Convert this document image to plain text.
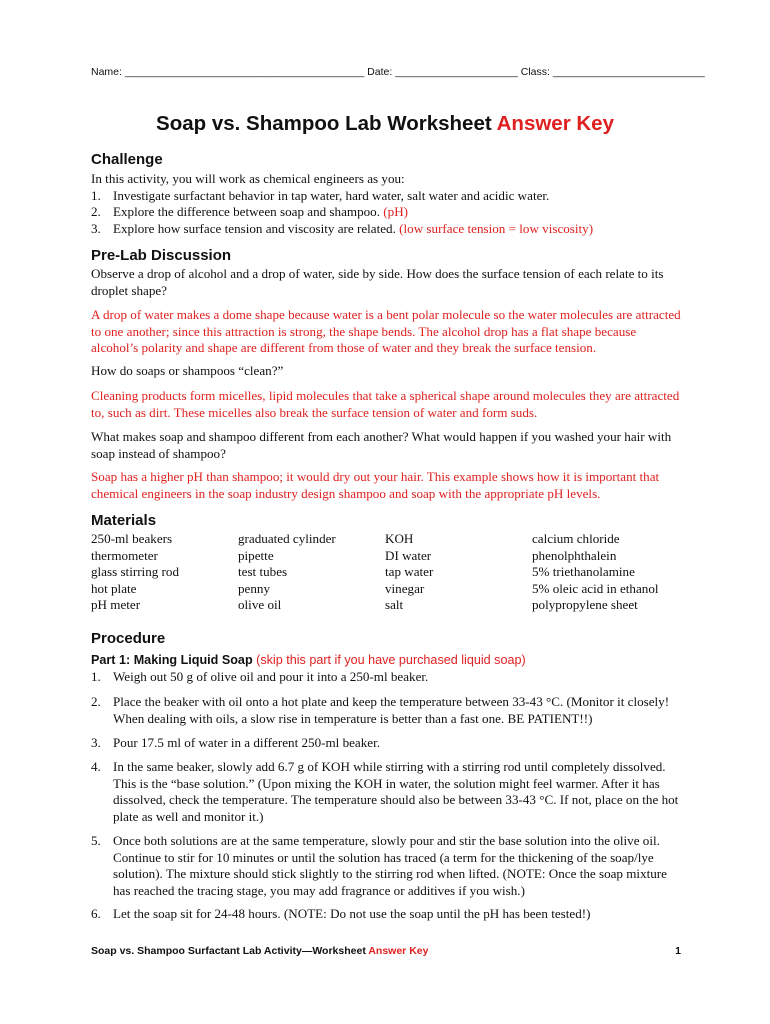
Name: _________________________________________ Date: _____________________ Class: __________________________
Soap vs. Shampoo Lab Worksheet Answer Key
Challenge

In this activity, you will work as chemical engineers as you:

1. Investigate surfactant behavior in tap water, hard water, salt water and acidic water.
2. Explore the difference between soap and shampoo. (pH)
3. Explore how surface tension and viscosity are related. (low surface tension = low viscosity)
Pre-Lab Discussion
Observe a drop of alcohol and a drop of water, side by side. How does the surface tension of each relate to its droplet shape?
A drop of water makes a dome shape because water is a bent polar molecule so the water molecules are attracted to one another; since this attraction is strong, the shape bends. The alcohol drop has a flat shape because alcohol’s polarity and shape are different from those of water and they break the surface tension.
How do soaps or shampoos “clean?”
Cleaning products form micelles, lipid molecules that take a spherical shape around molecules they are attracted to, such as dirt. These micelles also break the surface tension of water and form suds.
What makes soap and shampoo different from each another? What would happen if you washed your hair with soap instead of shampoo?
Soap has a higher pH than shampoo; it would dry out your hair. This example shows how it is important that chemical engineers in the soap industry design shampoo and soap with the appropriate pH levels.
Materials
250-ml beakers
thermometer
glass stirring rod
hot plate
pH meter
graduated cylinder
pipette
test tubes
penny
olive oil
KOH
DI water
tap water
vinegar
salt
calcium chloride
phenolphthalein
5% triethanolamine
5% oleic acid in ethanol
polypropylene sheet
Procedure
Part 1: Making Liquid Soap (skip this part if you have purchased liquid soap)
1. Weigh out 50 g of olive oil and pour it into a 250-ml beaker.
2. Place the beaker with oil onto a hot plate and keep the temperature between 33-43 °C. (Monitor it closely! When dealing with oils, a slow rise in temperature is better than a fast one. BE PATIENT!!)
3. Pour 17.5 ml of water in a different 250-ml beaker.
4. In the same beaker, slowly add 6.7 g of KOH while stirring with a stirring rod until completely dissolved. This is the “base solution.” (Upon mixing the KOH in water, the solution might feel warmer. After it has dissolved, check the temperature. The temperature should also be between 33-43 °C. If not, place on the hot plate as well and monitor it.)
5. Once both solutions are at the same temperature, slowly pour and stir the base solution into the olive oil. Continue to stir for 10 minutes or until the solution has traced (a term for the thickening of the soap/lye solution). The mixture should stick slightly to the stirring rod when lifted. (NOTE: Once the soap mixture has reached the tracing stage, you may add fragrance or additives if you wish.)
6. Let the soap sit for 24-48 hours. (NOTE: Do not use the soap until the pH has been tested!)
Soap vs. Shampoo Surfactant Lab Activity—Worksheet Answer Key	1
